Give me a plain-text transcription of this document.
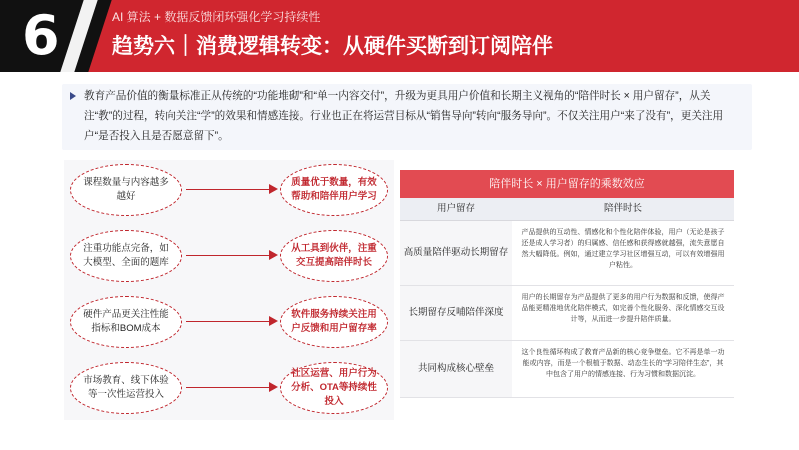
6	AI 算法 + 数据反馈闭环强化学习持续性
趋势六｜消费逻辑转变：从硬件买断到订阅陪伴
教育产品价值的衡量标准正从传统的“功能堆砌”和“单一内容交付”，升级为更具用户价值和长期主义视角的“陪伴时长 × 用户留存”，从关注“教”的过程，转向关注“学”的效果和情感连接。行业也正在将运营目标从“销售导向”转向“服务导向”。不仅关注用户“来了没有”，更关注用户“是否投入且是否愿意留下”。
课程数量与内容越多越好
质量优于数量，有效帮助和陪伴用户学习
注重功能点完备，如大模型、全面的题库
从工具到伙伴，注重交互提高陪伴时长
硬件产品更关注性能指标和BOM成本
软件服务持续关注用户反馈和用户留存率
市场教育、线下体验等一次性运营投入
社区运营、用户行为分析、OTA等持续性投入
陪伴时长 × 用户留存的乘数效应
用户留存	陪伴时长
高质量陪伴驱动长期留存
产品提供的互动性、情感化和个性化陪伴体验，用户（无论是孩子还是成人学习者）的归属感、信任感和获得感就越强，流失意愿自然大幅降低。例如，通过建立学习社区增强互动，可以有效增强用户粘性。
长期留存反哺陪伴深度
用户的长期留存为产品提供了更多的用户行为数据和反馈，使得产品能更精准地优化陪伴模式，如完善个性化服务、深化情感交互设计等，从而进一步提升陪伴质量。
共同构成核心壁垒
这个良性循环构成了教育产品新的核心竞争壁垒。它不再是单一功能或内容，而是一个根植于数据、动态生长的“学习陪伴生态”，其中包含了用户的情感连接、行为习惯和数据沉淀。
